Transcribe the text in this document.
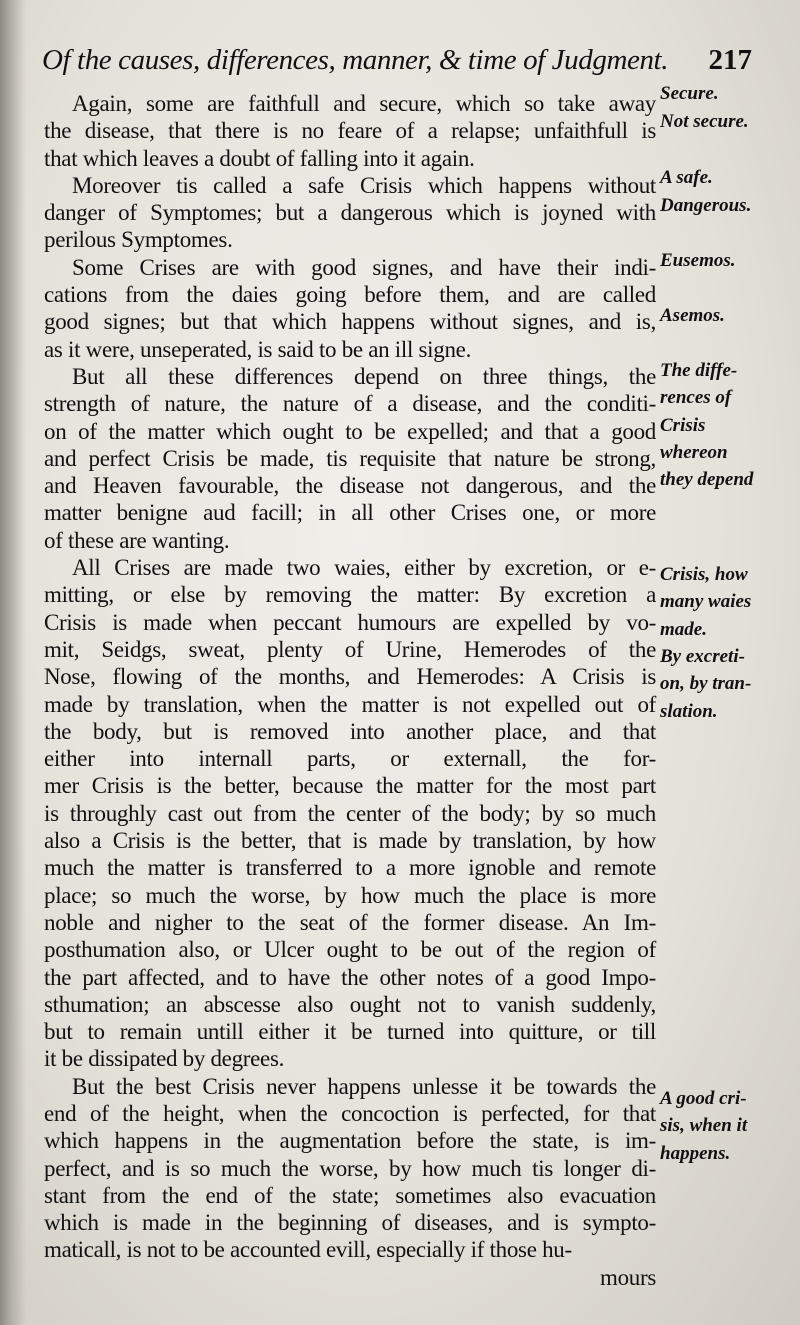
Of the causes, differences, manner, & time of Judgment. 217
Again, some are faithfull and secure, which so take away
the disease, that there is no feare of a relapse; unfaithfull is
that which leaves a doubt of falling into it again.
Moreover tis called a safe Crisis which happens without
danger of Symptomes; but a dangerous which is joyned with
perilous Symptomes.
Some Crises are with good signes, and have their indi-
cations from the daies going before them, and are called
good signes; but that which happens without signes, and is,
as it were, unseperated, is said to be an ill signe.
But all these differences depend on three things, the
strength of nature, the nature of a disease, and the conditi-
on of the matter which ought to be expelled; and that a good
and perfect Crisis be made, tis requisite that nature be strong,
and Heaven favourable, the disease not dangerous, and the
matter benigne aud facill; in all other Crises one, or more
of these are wanting.
All Crises are made two waies, either by excretion, or e-
mitting, or else by removing the matter: By excretion a
Crisis is made when peccant humours are expelled by vo-
mit, Seidgs, sweat, plenty of Urine, Hemerodes of the
Nose, flowing of the months, and Hemerodes: A Crisis is
made by translation, when the matter is not expelled out of
the body, but is removed into another place, and that
either into internall parts, or externall, the for-
mer Crisis is the better, because the matter for the most part
is throughly cast out from the center of the body; by so much
also a Crisis is the better, that is made by translation, by how
much the matter is transferred to a more ignoble and remote
place; so much the worse, by how much the place is more
noble and nigher to the seat of the former disease. An Im-
posthumation also, or Ulcer ought to be out of the region of
the part affected, and to have the other notes of a good Impo-
sthumation; an abscesse also ought not to vanish suddenly,
but to remain untill either it be turned into quitture, or till
it be dissipated by degrees.
But the best Crisis never happens unlesse it be towards the
end of the height, when the concoction is perfected, for that
which happens in the augmentation before the state, is im-
perfect, and is so much the worse, by how much tis longer di-
stant from the end of the state; sometimes also evacuation
which is made in the beginning of diseases, and is sympto-
maticall, is not to be accounted evill, especially if those hu-
mours
Secure.
Not secure.
A safe.
Dangerous.
Eusemos.
Asemos.
The diffe-
rences of
Crisis
whereon
they depend
Crisis, how
many waies
made.
By excreti-
on, by tran-
slation.
A good cri-
sis, when it
happens.
